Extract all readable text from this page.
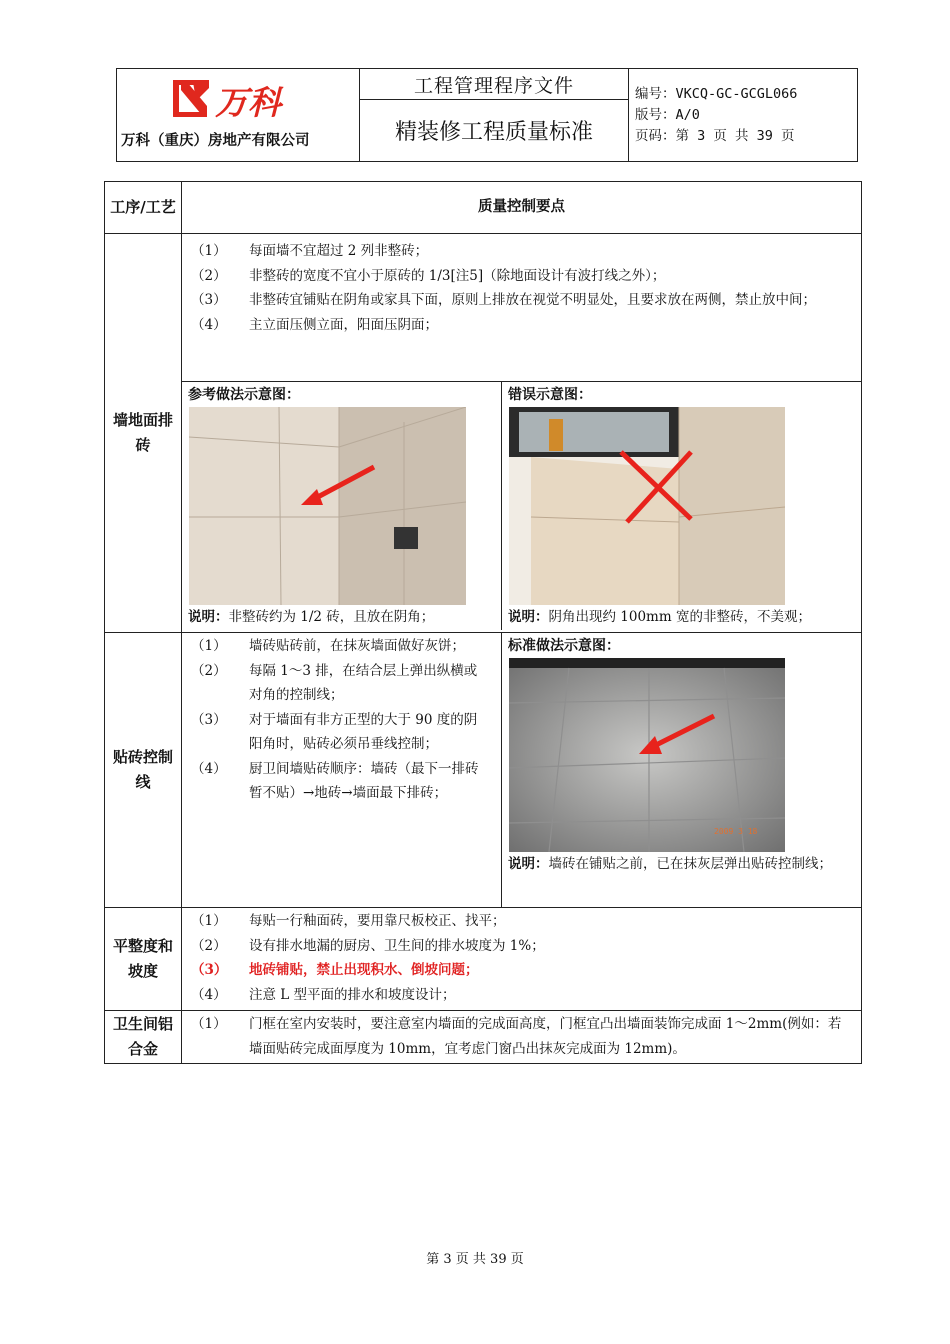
万科
万科（重庆）房地产有限公司
	工程管理程序文件	编号：VKCQ-GC-GCGL066
版号：A/0
页码：第 3 页 共 39 页

精装修工程质量标准
工序/工艺	质量控制要点
墙地面排砖	
（1）	每面墙不宜超过 2 列非整砖；
（2）	非整砖的宽度不宜小于原砖的 1/3[注5]（除地面设计有波打线之外）；
（3）	非整砖宜铺贴在阴角或家具下面，原则上排放在视觉不明显处，且要求放在两侧，禁止放中间；
（4）	主立面压侧立面，阳面压阴面；

参考做法示意图：
说明：非整砖约为 1/2 砖，且放在阴角；

错误示意图：
说明：阴角出现约 100mm 宽的非整砖，不美观；

贴砖控制线	
（1）	墙砖贴砖前，在抹灰墙面做好灰饼；
（2）	每隔 1～3 排，在结合层上弹出纵横或对角的控制线；
（3）	对于墙面有非方正型的大于 90 度的阴阳角时，贴砖必须吊垂线控制；
（4）	厨卫间墙贴砖顺序：墙砖（最下一排砖暂不贴）→地砖→墙面最下排砖；

标准做法示意图：
2009 3 18
说明：墙砖在铺贴之前，已在抹灰层弹出贴砖控制线；

平整度和坡度	
（1）	每贴一行釉面砖，要用靠尺板校正、找平；
（2）	设有排水地漏的厨房、卫生间的排水坡度为 1%；
（3）	地砖铺贴，禁止出现积水、倒坡问题；
（4）	注意 L 型平面的排水和坡度设计；

卫生间铝合金	
（1）	门框在室内安装时，要注意室内墙面的完成面高度，门框宜凸出墙面装饰完成面 1～2mm(例如：若墙面贴砖完成面厚度为 10mm，宜考虑门窗凸出抹灰完成面为 12mm)。
第 3 页 共 39 页
